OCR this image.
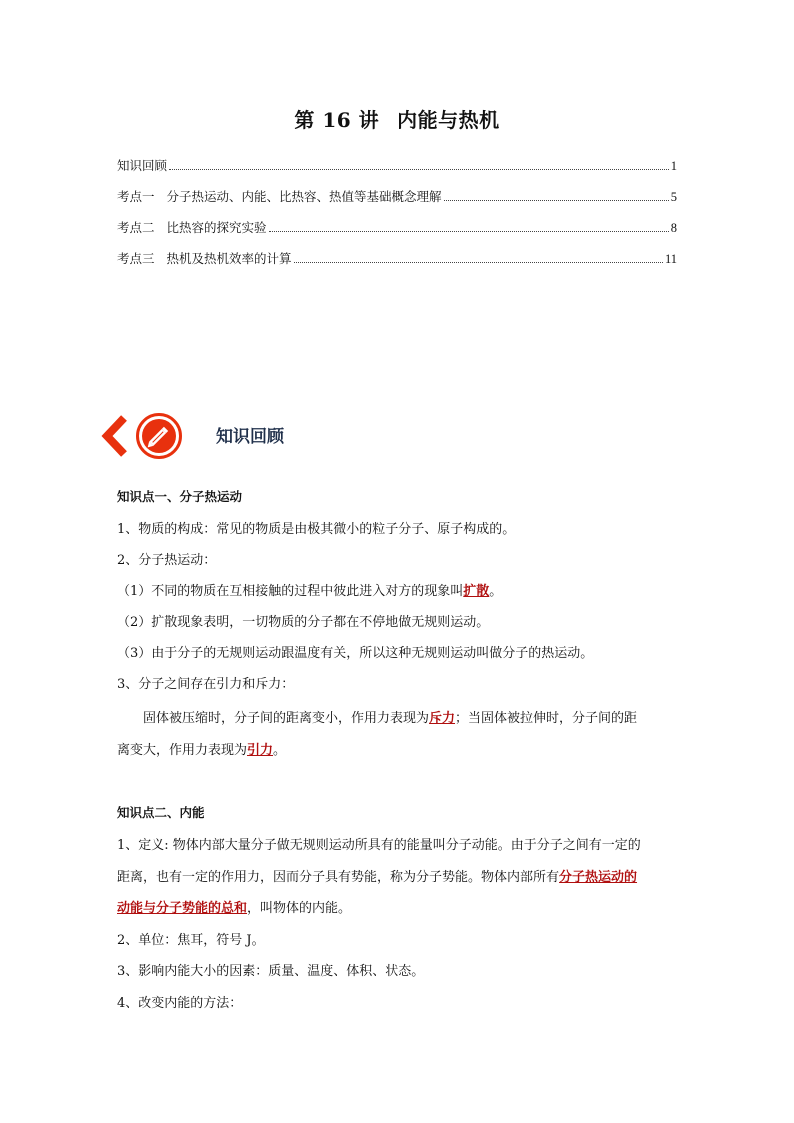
第 16 讲 内能与热机
知识回顾	1
考点一 分子热运动、内能、比热容、热值等基础概念理解	5
考点二 比热容的探究实验	8
考点三 热机及热机效率的计算	11
知识回顾
知识点一、分子热运动
1、物质的构成：常见的物质是由极其微小的粒子分子、原子构成的。
2、分子热运动：
（1）不同的物质在互相接触的过程中彼此进入对方的现象叫扩散。
（2）扩散现象表明，一切物质的分子都在不停地做无规则运动。
（3）由于分子的无规则运动跟温度有关，所以这种无规则运动叫做分子的热运动。
3、分子之间存在引力和斥力：
固体被压缩时，分子间的距离变小，作用力表现为斥力；当固体被拉伸时，分子间的距
离变大，作用力表现为引力。
知识点二、内能
1、定义: 物体内部大量分子做无规则运动所具有的能量叫分子动能。由于分子之间有一定的
距离，也有一定的作用力，因而分子具有势能，称为分子势能。物体内部所有分子热运动的
动能与分子势能的总和，叫物体的内能。
2、单位：焦耳，符号 J。
3、影响内能大小的因素：质量、温度、体积、状态。
4、改变内能的方法：
